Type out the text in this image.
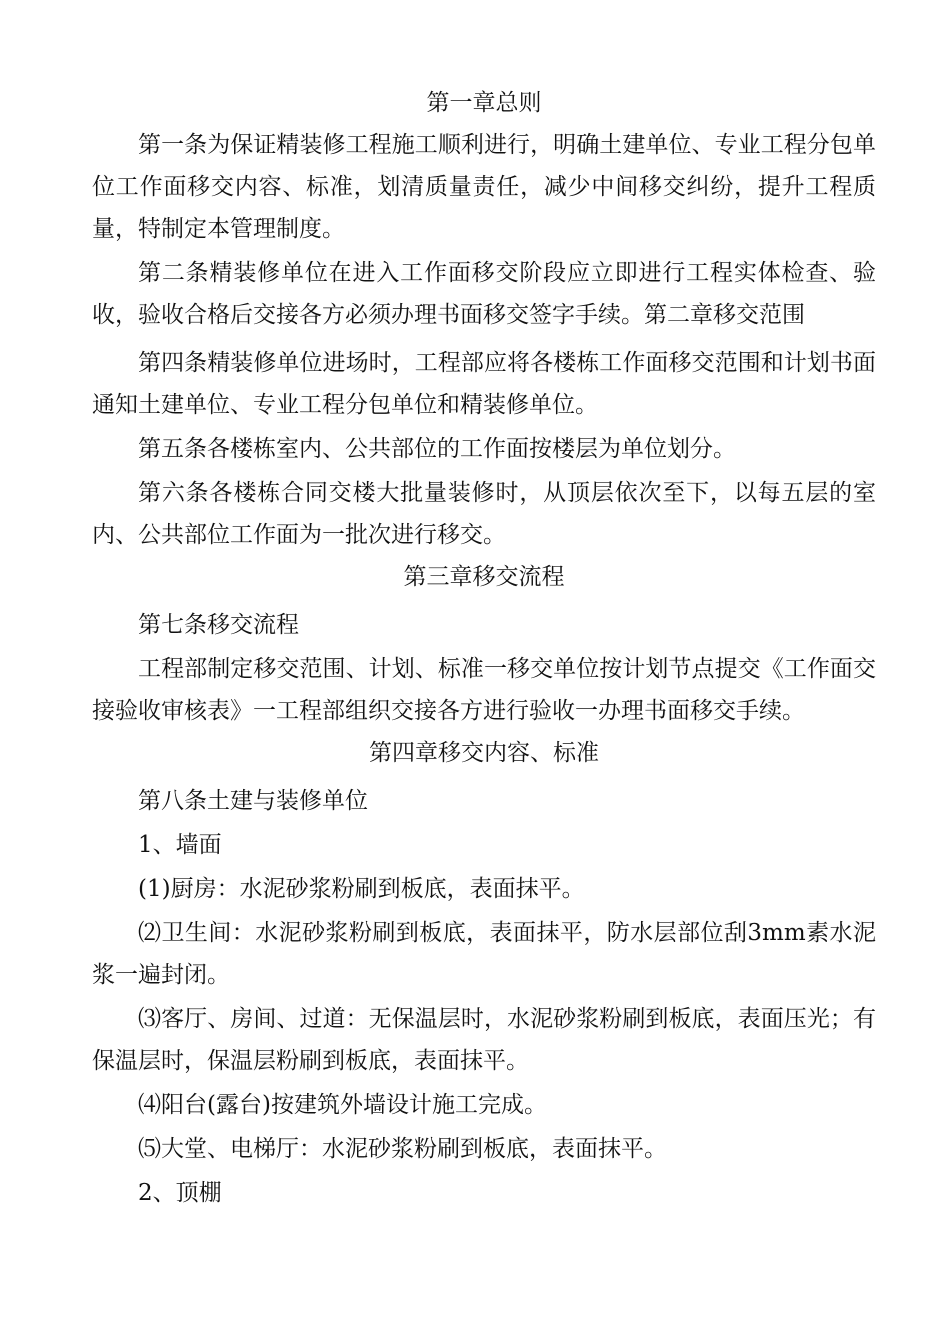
第一章总则

第一条为保证精装修工程施工顺利进行，明确土建单位、专业工程分包单位工作面移交内容、标准，划清质量责任，减少中间移交纠纷，提升工程质量，特制定本管理制度。

第二条精装修单位在进入工作面移交阶段应立即进行工程实体检查、验收，验收合格后交接各方必须办理书面移交签字手续。第二章移交范围

第四条精装修单位进场时，工程部应将各楼栋工作面移交范围和计划书面通知土建单位、专业工程分包单位和精装修单位。

第五条各楼栋室内、公共部位的工作面按楼层为单位划分。

第六条各楼栋合同交楼大批量装修时，从顶层依次至下，以每五层的室内、公共部位工作面为一批次进行移交。

第三章移交流程

第七条移交流程

工程部制定移交范围、计划、标准一移交单位按计划节点提交《工作面交接验收审核表》一工程部组织交接各方进行验收一办理书面移交手续。

第四章移交内容、标准

第八条土建与装修单位

1、墙面

(1)厨房：水泥砂浆粉刷到板底，表面抹平。

⑵卫生间：水泥砂浆粉刷到板底，表面抹平，防水层部位刮3mm素水泥浆一遍封闭。

⑶客厅、房间、过道：无保温层时，水泥砂浆粉刷到板底，表面压光；有保温层时，保温层粉刷到板底，表面抹平。

⑷阳台(露台)按建筑外墙设计施工完成。

⑸大堂、电梯厅：水泥砂浆粉刷到板底，表面抹平。

2、顶棚
